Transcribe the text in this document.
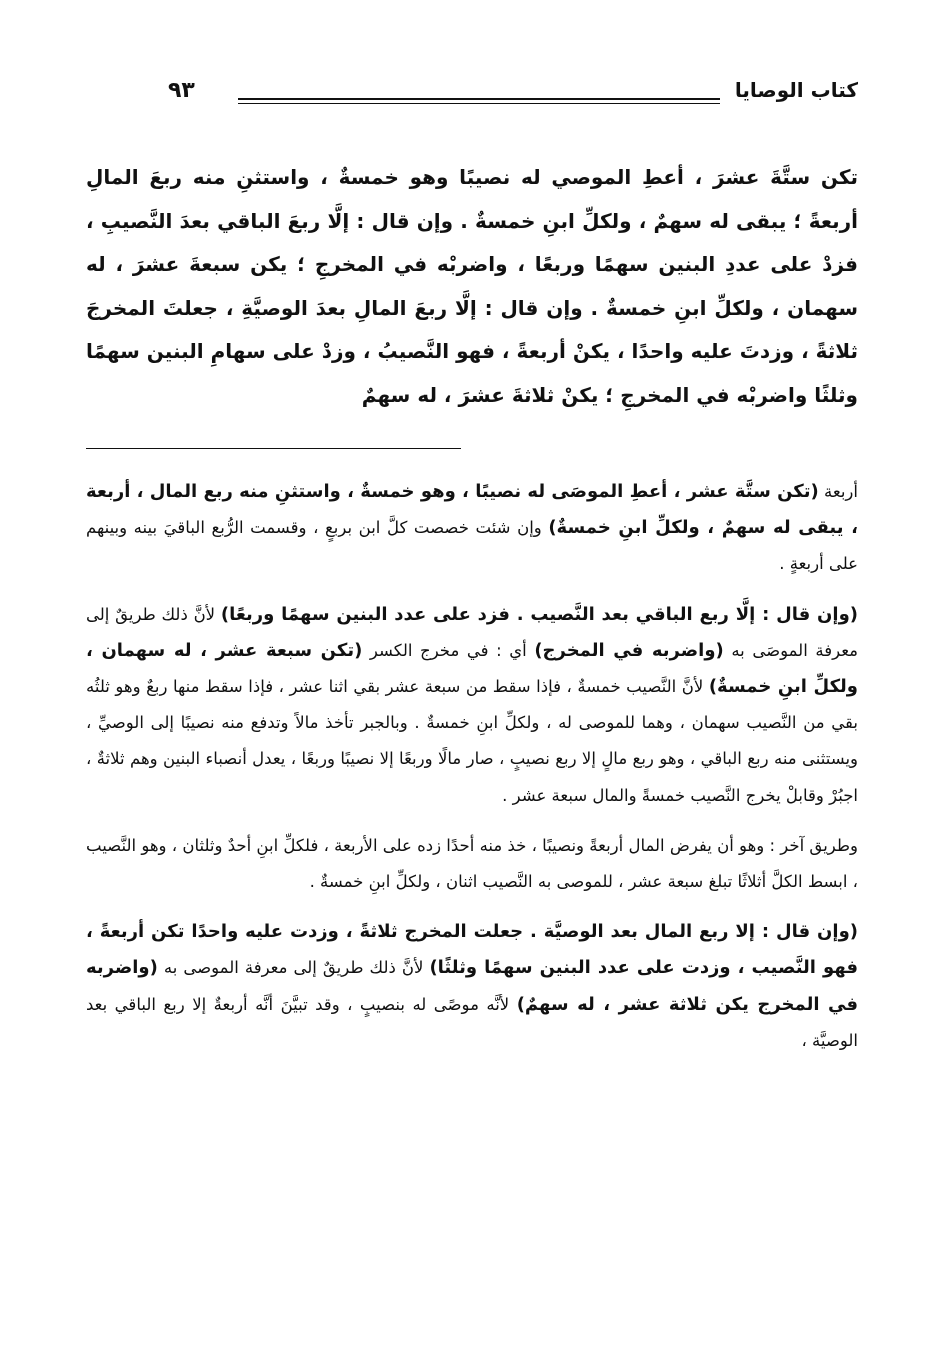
كتاب الوصايا
٩٣

تكن ستَّةَ عشرَ ، أعطِ الموصي له نصيبًا وهو خمسةٌ ، واستثنِ منه ربعَ المالِ أربعةً ؛ يبقى له سهمٌ ، ولكلِّ ابنِ خمسةٌ . وإن قال : إلَّا ربعَ الباقي بعدَ النَّصيبِ ، فزدْ على عددِ البنين سهمًا وربعًا ، واضربْه في المخرجِ ؛ يكن سبعةَ عشرَ ، له سهمان ، ولكلِّ ابنِ خمسةٌ . وإن قال : إلَّا ربعَ المالِ بعدَ الوصيَّةِ ، جعلتَ المخرجَ ثلاثةً ، وزدتَ عليه واحدًا ، يكنْ أربعةً ، فهو النَّصيبُ ، وزدْ على سهامِ البنين سهمًا وثلثًا واضربْه في المخرجِ ؛ يكنْ ثلاثةَ عشرَ ، له سهمٌ

أربعة (تكن ستَّة عشر ، أعطِ الموصَى له نصيبًا ، وهو خمسةٌ ، واستثنِ منه ربع المال ، أربعة ، يبقى له سهمٌ ، ولكلِّ ابنِ خمسةٌ) وإن شئت خصصت كلَّ ابن بربعٍ ، وقسمت الرُّبع الباقيَ بينه وبينهم على أربعةٍ .

(وإن قال : إلَّا ربع الباقي بعد النَّصيب . فزد على عدد البنين سهمًا وربعًا) لأنَّ ذلك طريقٌ إلى معرفة الموصَى به (واضربه في المخرج) أي : في مخرج الكسر (تكن سبعة عشر ، له سهمان ، ولكلِّ ابنِ خمسةٌ) لأنَّ النَّصيب خمسةٌ ، فإذا سقط من سبعة عشر بقي اثنا عشر ، فإذا سقط منها ربعٌ وهو ثلثُه بقي من النَّصيب سهمان ، وهما للموصى له ، ولكلِّ ابنِ خمسةٌ . وبالجبر تأخذ مالاً وتدفع منه نصيبًا إلى الوصيِّ ، ويستثنى منه ربع الباقي ، وهو ربع مالٍ إلا ربع نصيبٍ ، صار مالًا وربعًا إلا نصيبًا وربعًا ، يعدل أنصباء البنين وهم ثلاثةٌ ، اجبُرْ وقابلْ يخرج النَّصيب خمسةً والمال سبعة عشر .

وطريق آخر : وهو أن يفرض المال أربعةً ونصيبًا ، خذ منه أحدًا زده على الأربعة ، فلكلِّ ابنِ أحدٌ وثلثان ، وهو النَّصيب ، ابسط الكلَّ أثلاثًا تبلغ سبعة عشر ، للموصى به النَّصيب اثنان ، ولكلِّ ابنِ خمسةٌ .

(وإن قال : إلا ربع المال بعد الوصيَّة . جعلت المخرج ثلاثةً ، وزدت عليه واحدًا تكن أربعةً ، فهو النَّصيب ، وزدت على عدد البنين سهمًا وثلثًا) لأنَّ ذلك طريقٌ إلى معرفة الموصى به (واضربه في المخرج يكن ثلاثة عشر ، له سهمٌ) لأنَّه موصًى له بنصيبٍ ، وقد تبيَّنَ أنَّه أربعةٌ إلا ربع الباقي بعد الوصيَّة ،
